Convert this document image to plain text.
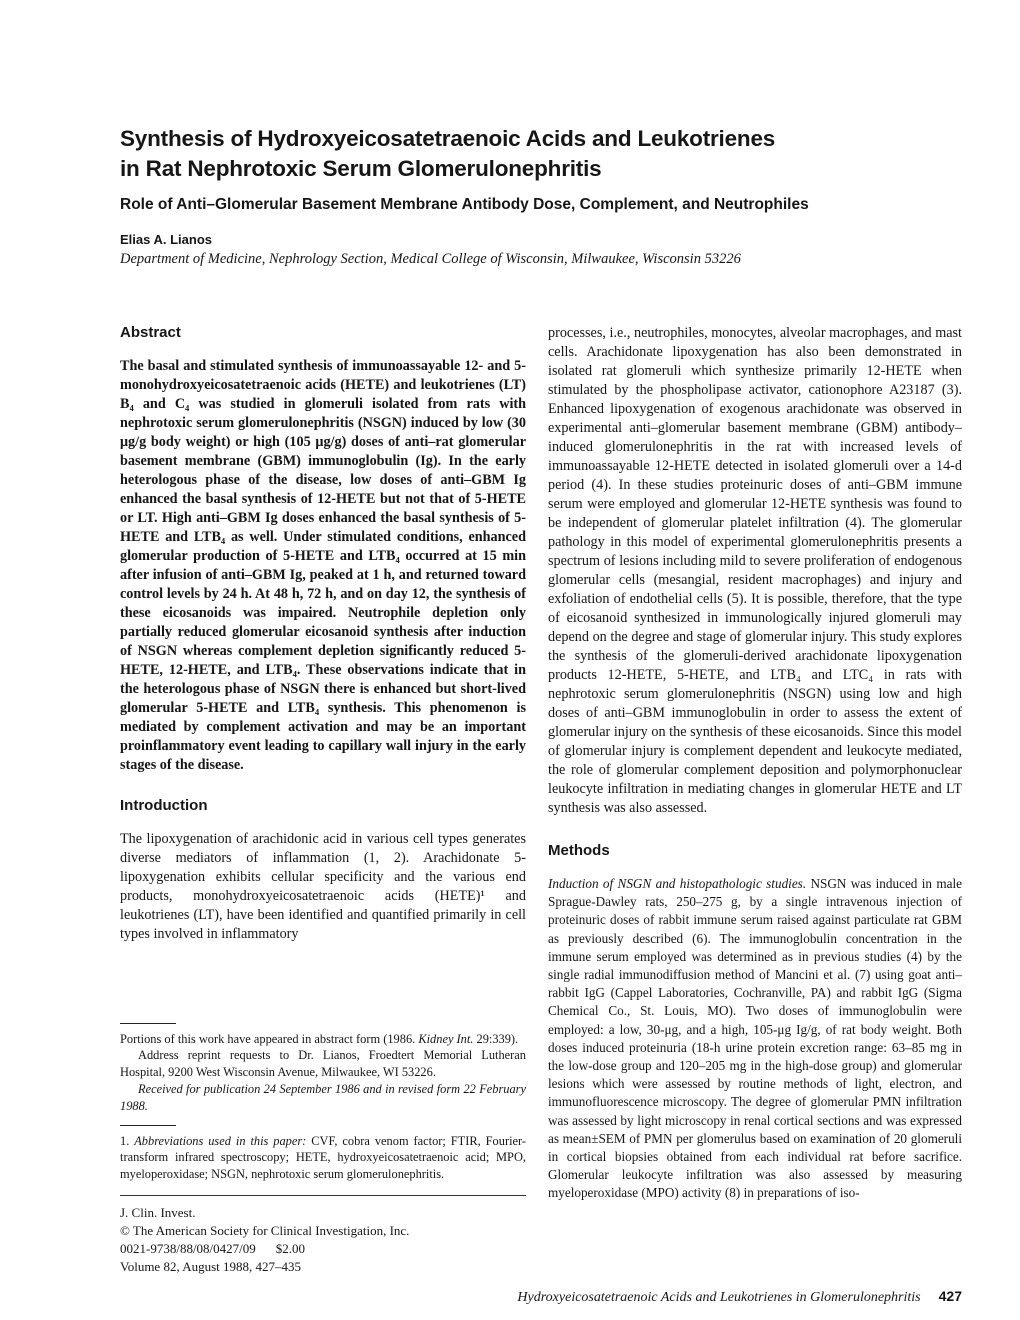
Synthesis of Hydroxyeicosatetraenoic Acids and Leukotrienes
in Rat Nephrotoxic Serum Glomerulonephritis
Role of Anti–Glomerular Basement Membrane Antibody Dose, Complement, and Neutrophiles
Elias A. Lianos
Department of Medicine, Nephrology Section, Medical College of Wisconsin, Milwaukee, Wisconsin 53226
Abstract

The basal and stimulated synthesis of immunoassayable 12- and 5-monohydroxyeicosatetraenoic acids (HETE) and leukotrienes (LT) B₄ and C₄ was studied in glomeruli isolated from rats with nephrotoxic serum glomerulonephritis (NSGN) induced by low (30 μg/g body weight) or high (105 μg/g) doses of anti–rat glomerular basement membrane (GBM) immunoglobulin (Ig). In the early heterologous phase of the disease, low doses of anti–GBM Ig enhanced the basal synthesis of 12-HETE but not that of 5-HETE or LT. High anti–GBM Ig doses enhanced the basal synthesis of 5-HETE and LTB₄ as well. Under stimulated conditions, enhanced glomerular production of 5-HETE and LTB₄ occurred at 15 min after infusion of anti–GBM Ig, peaked at 1 h, and returned toward control levels by 24 h. At 48 h, 72 h, and on day 12, the synthesis of these eicosanoids was impaired. Neutrophile depletion only partially reduced glomerular eicosanoid synthesis after induction of NSGN whereas complement depletion significantly reduced 5-HETE, 12-HETE, and LTB₄. These observations indicate that in the heterologous phase of NSGN there is enhanced but short-lived glomerular 5-HETE and LTB₄ synthesis. This phenomenon is mediated by complement activation and may be an important proinflammatory event leading to capillary wall injury in the early stages of the disease.

Introduction

The lipoxygenation of arachidonic acid in various cell types generates diverse mediators of inflammation (1, 2). Arachidonate 5-lipoxygenation exhibits cellular specificity and the various end products, monohydroxyeicosatetraenoic acids (HETE)¹ and leukotrienes (LT), have been identified and quantified primarily in cell types involved in inflammatory

Portions of this work have appeared in abstract form (1986. Kidney Int. 29:339).

Address reprint requests to Dr. Lianos, Froedtert Memorial Lutheran Hospital, 9200 West Wisconsin Avenue, Milwaukee, WI 53226.

Received for publication 24 September 1986 and in revised form 22 February 1988.

1. Abbreviations used in this paper: CVF, cobra venom factor; FTIR, Fourier-transform infrared spectroscopy; HETE, hydroxyeicosatetraenoic acid; MPO, myeloperoxidase; NSGN, nephrotoxic serum glomerulonephritis.

J. Clin. Invest.

© The American Society for Clinical Investigation, Inc.

0021-9738/88/08/0427/09 $2.00

Volume 82, August 1988, 427–435

processes, i.e., neutrophiles, monocytes, alveolar macrophages, and mast cells. Arachidonate lipoxygenation has also been demonstrated in isolated rat glomeruli which synthesize primarily 12-HETE when stimulated by the phospholipase activator, cationophore A23187 (3). Enhanced lipoxygenation of exogenous arachidonate was observed in experimental anti–glomerular basement membrane (GBM) antibody–induced glomerulonephritis in the rat with increased levels of immunoassayable 12-HETE detected in isolated glomeruli over a 14-d period (4). In these studies proteinuric doses of anti–GBM immune serum were employed and glomerular 12-HETE synthesis was found to be independent of glomerular platelet infiltration (4). The glomerular pathology in this model of experimental glomerulonephritis presents a spectrum of lesions including mild to severe proliferation of endogenous glomerular cells (mesangial, resident macrophages) and injury and exfoliation of endothelial cells (5). It is possible, therefore, that the type of eicosanoid synthesized in immunologically injured glomeruli may depend on the degree and stage of glomerular injury. This study explores the synthesis of the glomeruli-derived arachidonate lipoxygenation products 12-HETE, 5-HETE, and LTB₄ and LTC₄ in rats with nephrotoxic serum glomerulonephritis (NSGN) using low and high doses of anti–GBM immunoglobulin in order to assess the extent of glomerular injury on the synthesis of these eicosanoids. Since this model of glomerular injury is complement dependent and leukocyte mediated, the role of glomerular complement deposition and polymorphonuclear leukocyte infiltration in mediating changes in glomerular HETE and LT synthesis was also assessed.

Methods

Induction of NSGN and histopathologic studies. NSGN was induced in male Sprague-Dawley rats, 250–275 g, by a single intravenous injection of proteinuric doses of rabbit immune serum raised against particulate rat GBM as previously described (6). The immunoglobulin concentration in the immune serum employed was determined as in previous studies (4) by the single radial immunodiffusion method of Mancini et al. (7) using goat anti–rabbit IgG (Cappel Laboratories, Cochranville, PA) and rabbit IgG (Sigma Chemical Co., St. Louis, MO). Two doses of immunoglobulin were employed: a low, 30-μg, and a high, 105-μg Ig/g, of rat body weight. Both doses induced proteinuria (18-h urine protein excretion range: 63–85 mg in the low-dose group and 120–205 mg in the high-dose group) and glomerular lesions which were assessed by routine methods of light, electron, and immunofluorescence microscopy. The degree of glomerular PMN infiltration was assessed by light microscopy in renal cortical sections and was expressed as mean±SEM of PMN per glomerulus based on examination of 20 glomeruli in cortical biopsies obtained from each individual rat before sacrifice. Glomerular leukocyte infiltration was also assessed by measuring myeloperoxidase (MPO) activity (8) in preparations of iso-

Hydroxyeicosatetraenoic Acids and Leukotrienes in Glomerulonephritis 427
